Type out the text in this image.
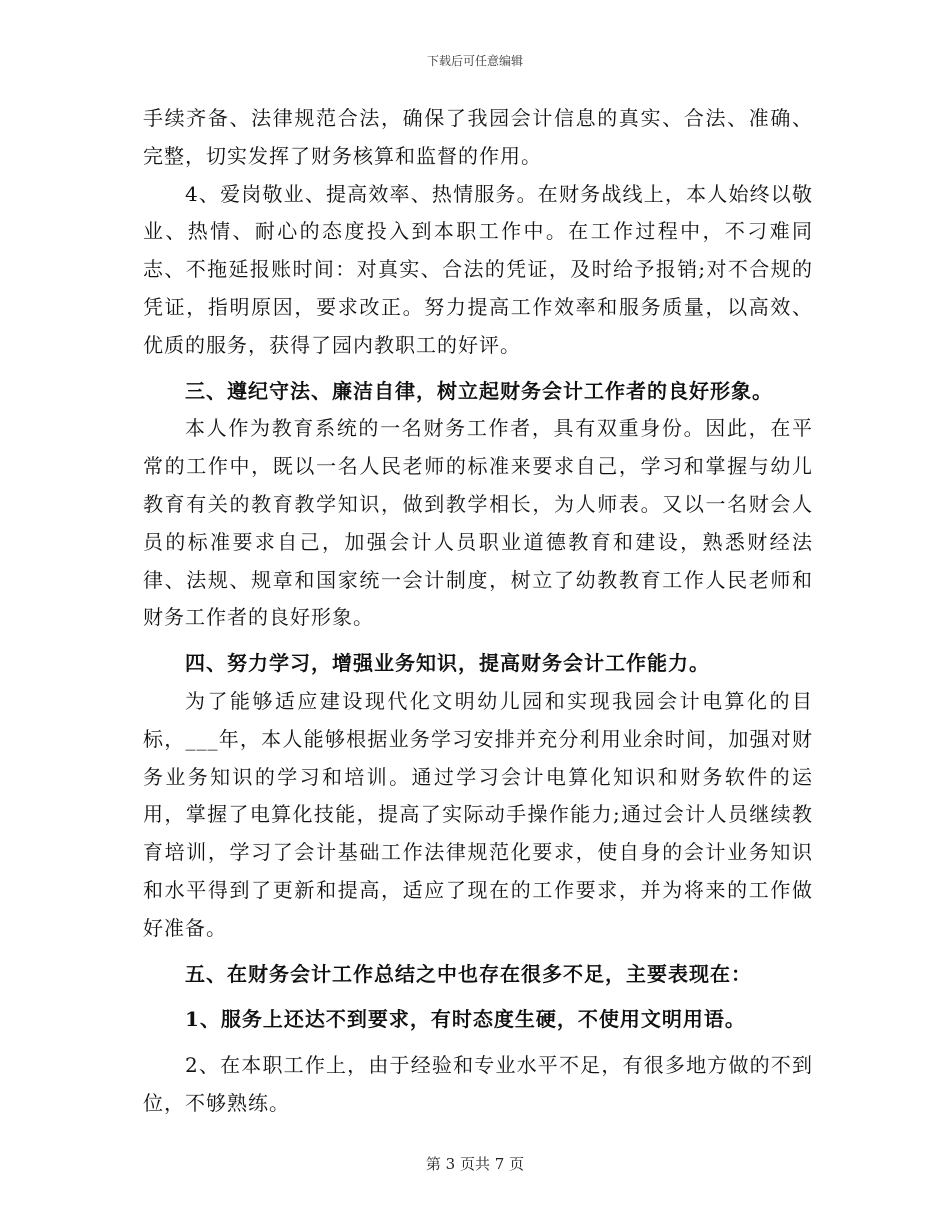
下载后可任意编辑

手续齐备、法律规范合法，确保了我园会计信息的真实、合法、准确、完整，切实发挥了财务核算和监督的作用。

4、爱岗敬业、提高效率、热情服务。在财务战线上，本人始终以敬业、热情、耐心的态度投入到本职工作中。在工作过程中，不刁难同志、不拖延报账时间：对真实、合法的凭证，及时给予报销;对不合规的凭证，指明原因，要求改正。努力提高工作效率和服务质量，以高效、优质的服务，获得了园内教职工的好评。

三、遵纪守法、廉洁自律，树立起财务会计工作者的良好形象。

本人作为教育系统的一名财务工作者，具有双重身份。因此，在平常的工作中，既以一名人民老师的标准来要求自己，学习和掌握与幼儿教育有关的教育教学知识，做到教学相长，为人师表。又以一名财会人员的标准要求自己，加强会计人员职业道德教育和建设，熟悉财经法律、法规、规章和国家统一会计制度，树立了幼教教育工作人民老师和财务工作者的良好形象。

四、努力学习，增强业务知识，提高财务会计工作能力。

为了能够适应建设现代化文明幼儿园和实现我园会计电算化的目标，___年，本人能够根据业务学习安排并充分利用业余时间，加强对财务业务知识的学习和培训。通过学习会计电算化知识和财务软件的运用，掌握了电算化技能，提高了实际动手操作能力;通过会计人员继续教育培训，学习了会计基础工作法律规范化要求，使自身的会计业务知识和水平得到了更新和提高，适应了现在的工作要求，并为将来的工作做好准备。

五、在财务会计工作总结之中也存在很多不足，主要表现在：

1、服务上还达不到要求，有时态度生硬，不使用文明用语。

2、在本职工作上，由于经验和专业水平不足，有很多地方做的不到位，不够熟练。

第 3 页共 7 页
